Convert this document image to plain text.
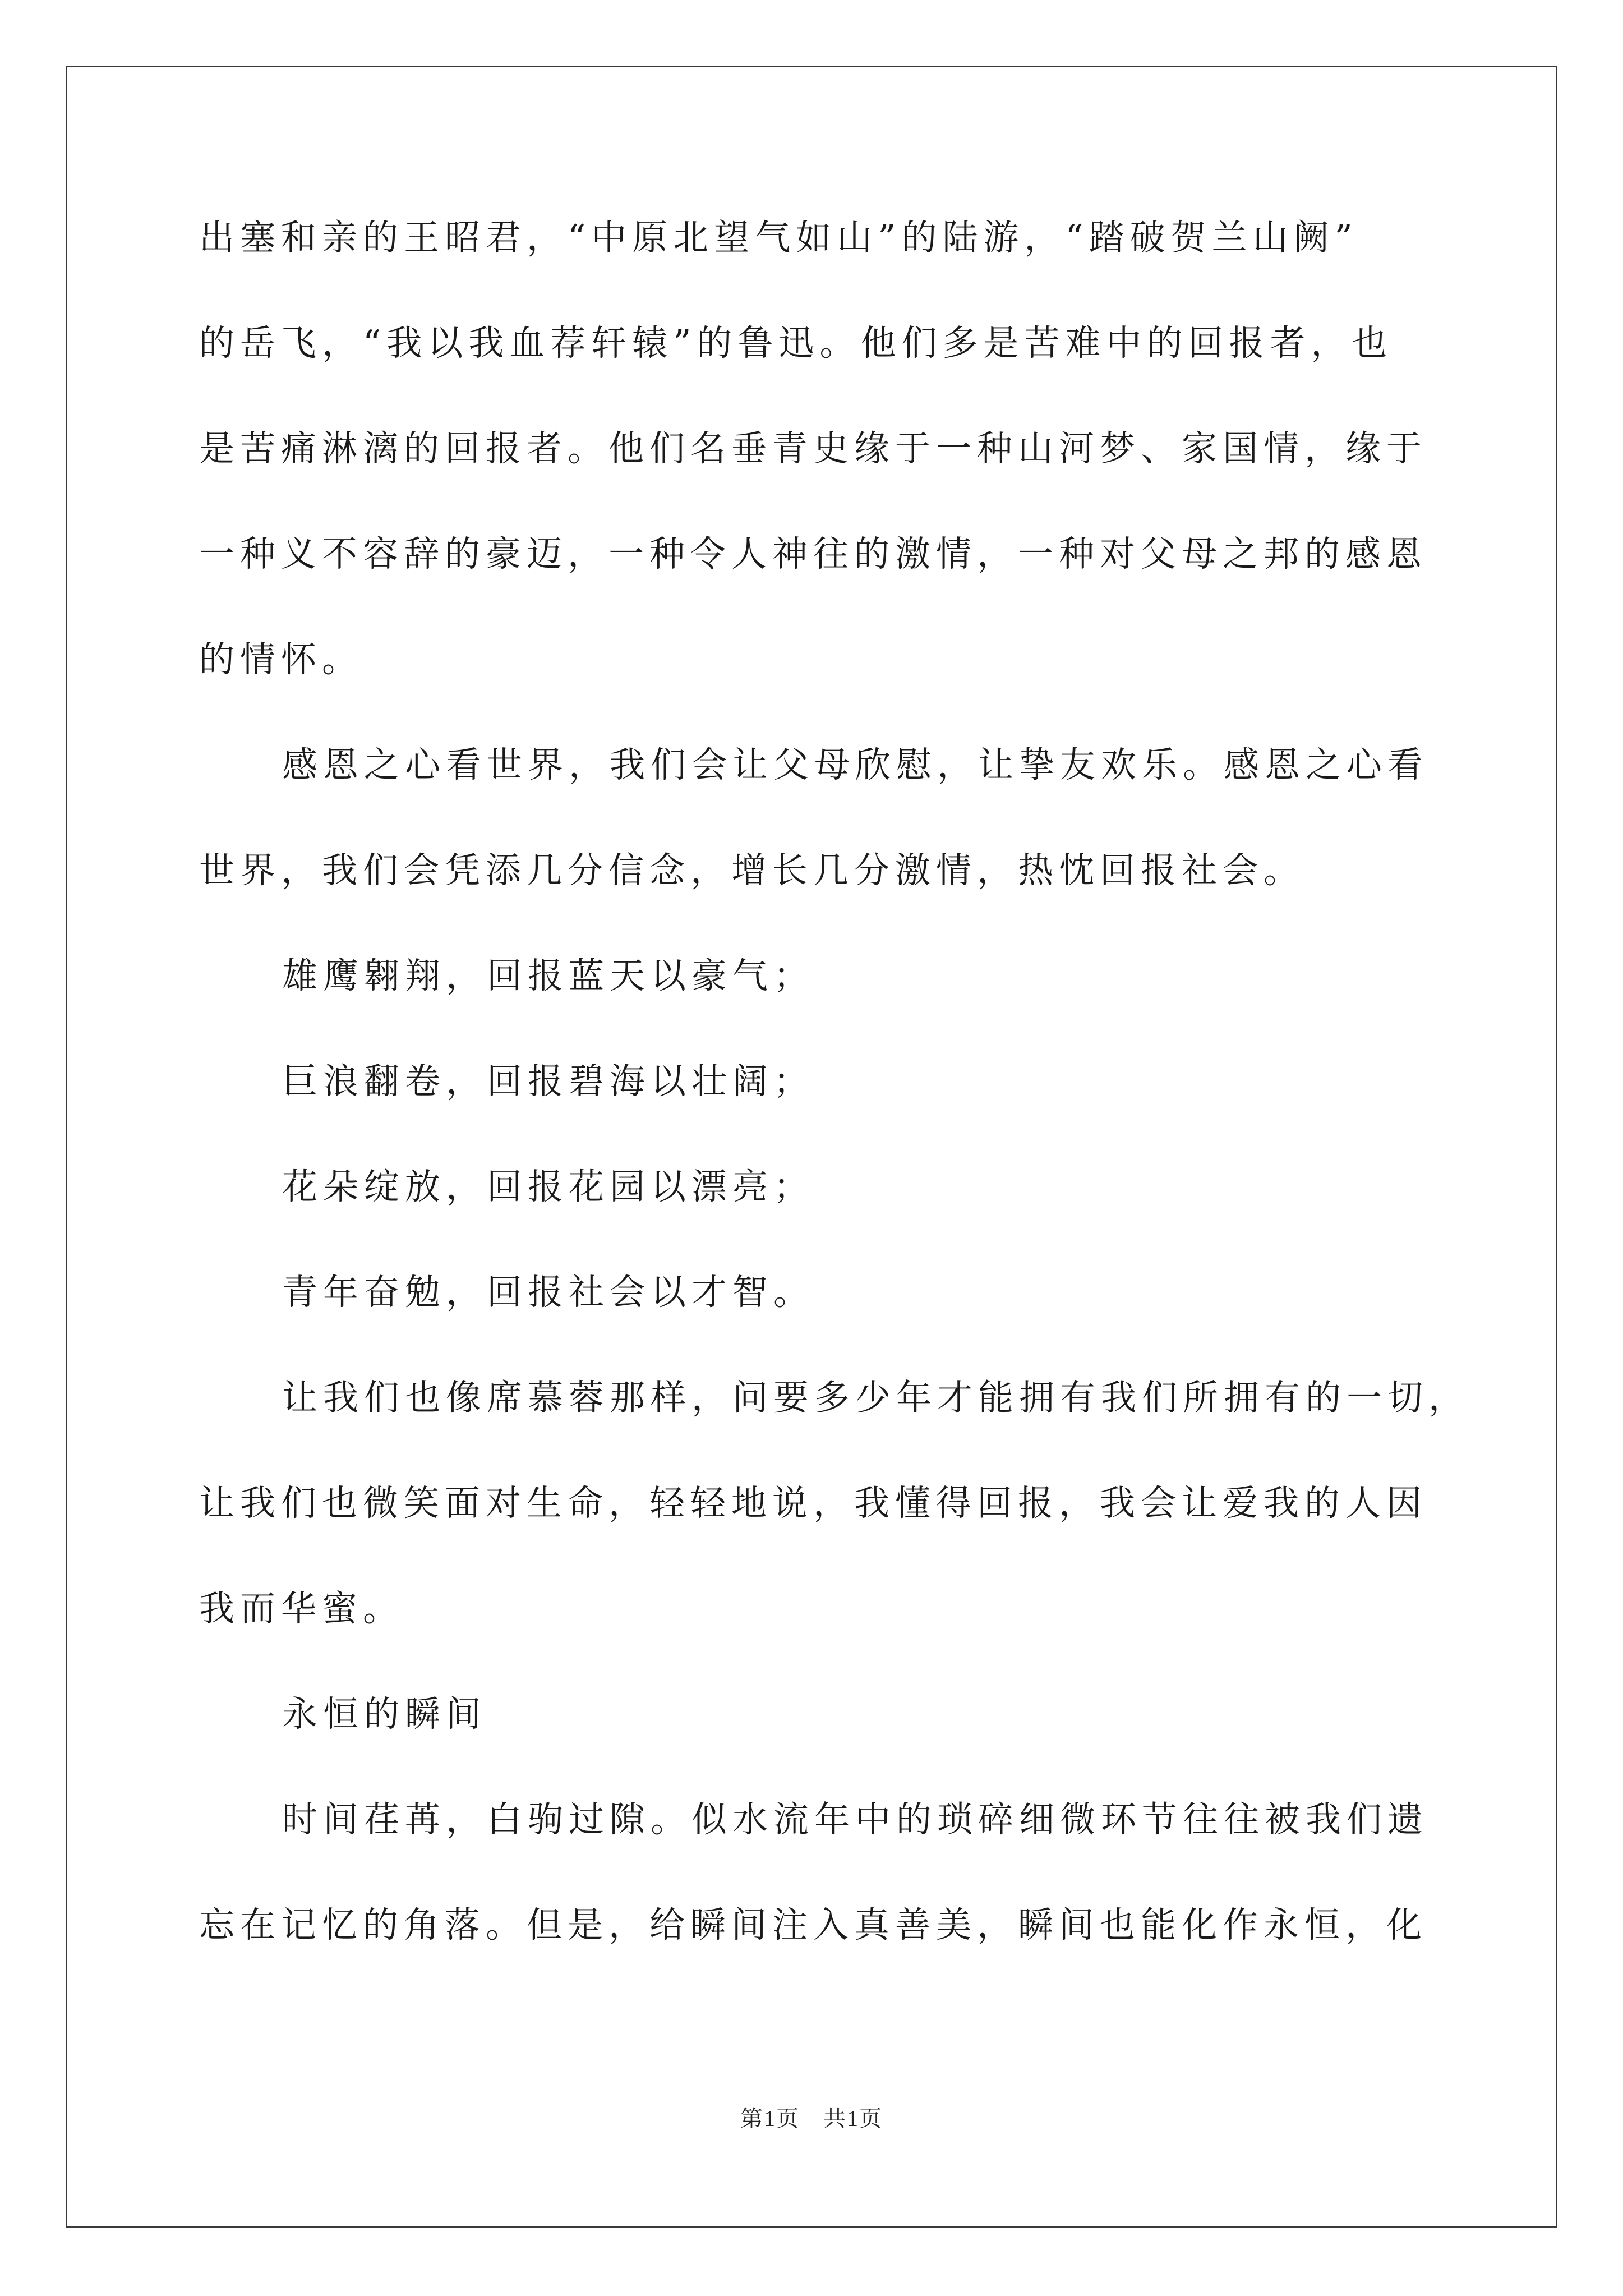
出塞和亲的王昭君，“中原北望气如山”的陆游，“踏破贺兰山阙”
的岳飞，“我以我血荐轩辕”的鲁迅。他们多是苦难中的回报者，也
是苦痛淋漓的回报者。他们名垂青史缘于一种山河梦、家国情，缘于
一种义不容辞的豪迈，一种令人神往的激情，一种对父母之邦的感恩
的情怀。
感恩之心看世界，我们会让父母欣慰，让挚友欢乐。感恩之心看
世界，我们会凭添几分信念，增长几分激情，热忱回报社会。
雄鹰翱翔，回报蓝天以豪气；
巨浪翻卷，回报碧海以壮阔；
花朵绽放，回报花园以漂亮；
青年奋勉，回报社会以才智。
让我们也像席慕蓉那样，问要多少年才能拥有我们所拥有的一切，
让我们也微笑面对生命，轻轻地说，我懂得回报，我会让爱我的人因
我而华蜜。
永恒的瞬间
时间荏苒，白驹过隙。似水流年中的琐碎细微环节往往被我们遗
忘在记忆的角落。但是，给瞬间注入真善美，瞬间也能化作永恒，化
第1页　共1页
